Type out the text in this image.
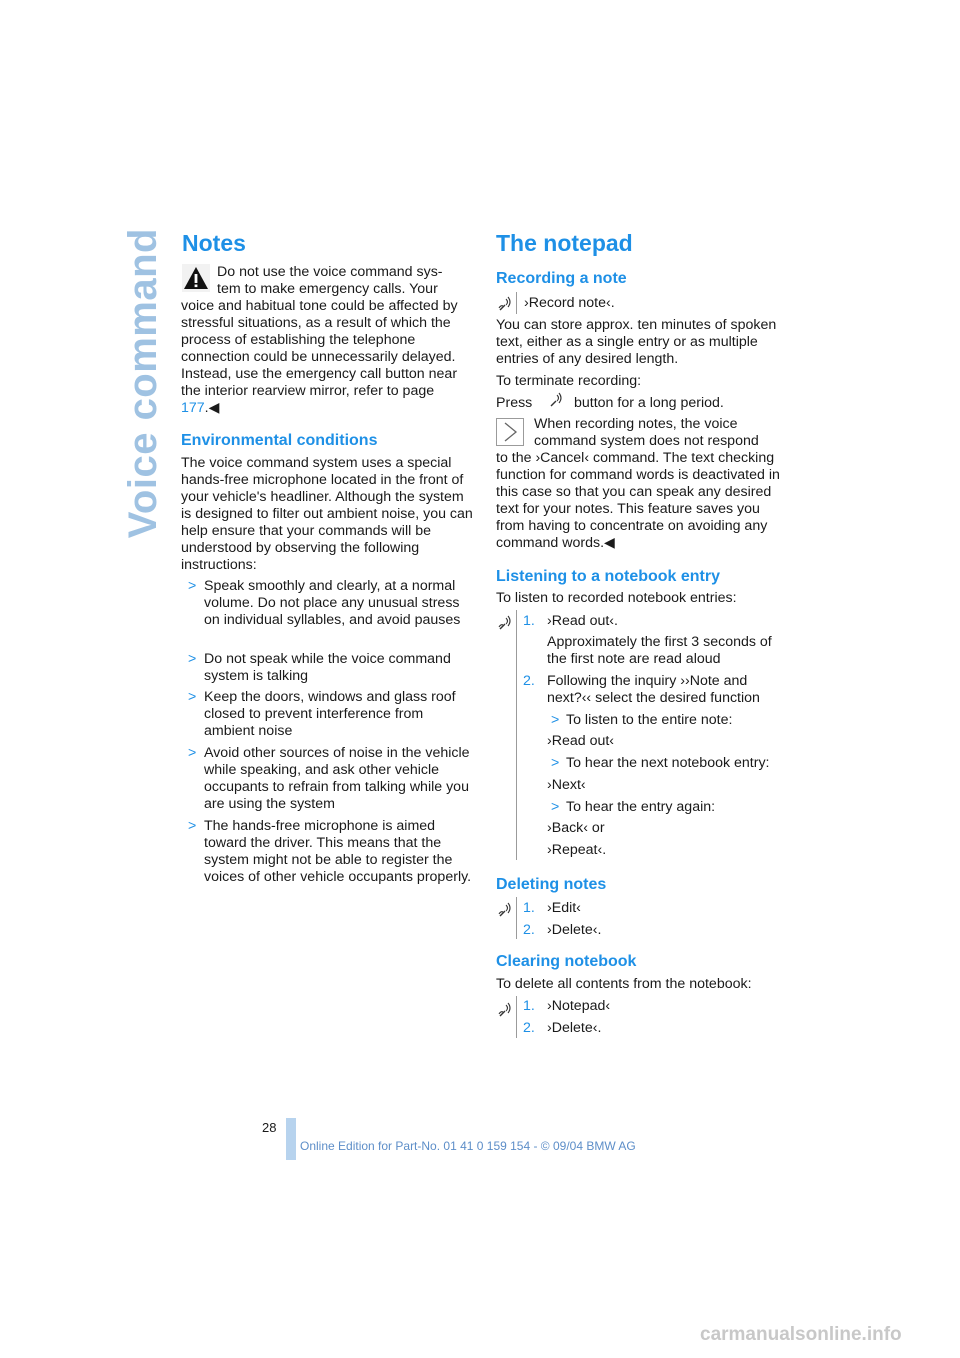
Voice command Notes

Do not use the voice command sys-

tem to make emergency calls. Your

voice and habitual tone could be affected by stressful situations, as a result of which the process of establishing the telephone connection could be unnecessarily delayed. Instead, use the emergency call button near the interior rearview mirror, refer to page 177.◀

Environmental conditions

The voice command system uses a special hands-free microphone located in the front of your vehicle's headliner. Although the system is designed to filter out ambient noise, you can help ensure that your commands will be understood by observing the following instructions:

> Speak smoothly and clearly, at a normal volume. Do not place any unusual stress on individual syllables, and avoid pauses

> Do not speak while the voice command system is talking

> Keep the doors, windows and glass roof closed to prevent interference from ambient noise

> Avoid other sources of noise in the vehicle while speaking, and ask other vehicle occupants to refrain from talking while you are using the system

> The hands-free microphone is aimed toward the driver. This means that the system might not be able to register the voices of other vehicle occupants properly.

The notepad
Recording a note

›Record note‹.

You can store approx. ten minutes of spoken text, either as a single entry or as multiple entries of any desired length.

To terminate recording:

Press	button for a long period.

When recording notes, the voice

command system does not respond

to the ›Cancel‹ command. The text checking function for command words is deactivated in this case so that you can speak any desired text for your notes. This feature saves you from having to concentrate on avoiding any command words.◀

Listening to a notebook entry

To listen to recorded notebook entries:

1. ›Read out‹.

Approximately the first 3 seconds of the first note are read aloud

2. Following the inquiry ››Note and next?‹‹ select the desired function

> To listen to the entire note:

›Read out‹

> To hear the next notebook entry:

›Next‹

> To hear the entry again:

›Back‹ or

›Repeat‹.

Deleting notes
1. ›Edit‹

2. ›Delete‹.

Clearing notebook

To delete all contents from the notebook:

1. ›Notepad‹

2. ›Delete‹.

28
Online Edition for Part-No. 01 41 0 159 154 - © 09/04 BMW AG
carmanualsonline.info
